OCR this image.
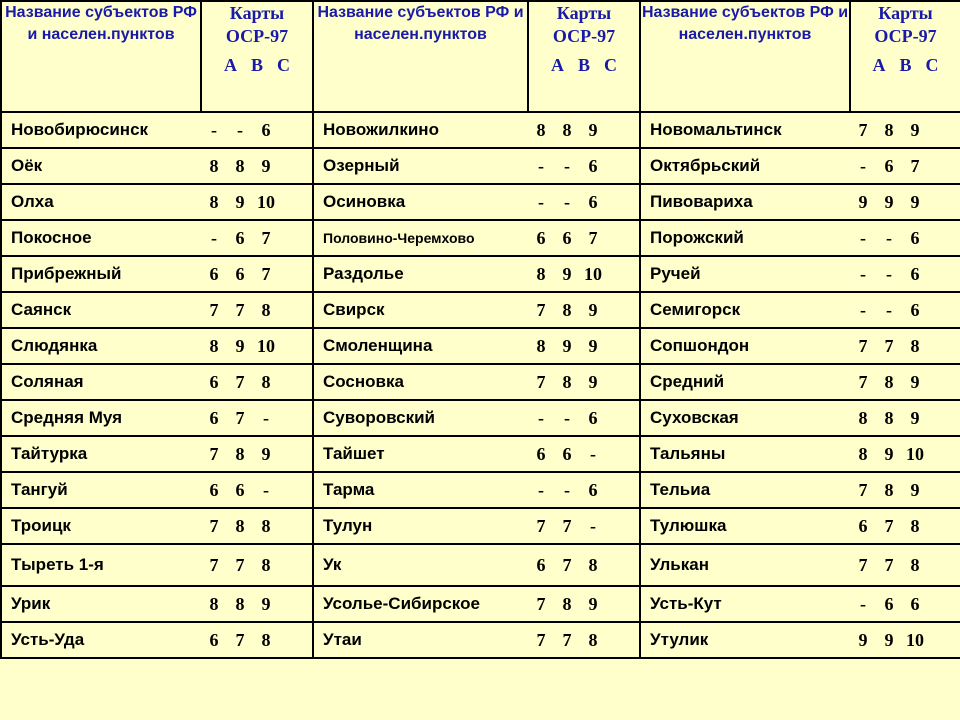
Название субъектов РФ и населен.пунктов	Карты ОСР-97
А В С	Название субъектов РФ и населен.пунктов	Карты ОСР-97
А В С	Название субъектов РФ и населен.пунктов	Карты ОСР-97
А В С

Новобирюсинск	- - 6	Новожилкино	8 8 9	Новомальтинск	7 8 9

Оёк	8 8 9	Озерный	- - 6	Октябрьский	- 6 7

Олха	8 9 10	Осиновка	- - 6	Пивовариха	9 9 9

Покосное	- 6 7	Половино-Черемхово	6 6 7	Порожский	- - 6

Прибрежный	6 6 7	Раздолье	8 9 10	Ручей	- - 6

Саянск	7 7 8	Свирск	7 8 9	Семигорск	- - 6

Слюдянка	8 9 10	Смоленщина	8 9 9	Сопшондон	7 7 8

Соляная	6 7 8	Сосновка	7 8 9	Средний	7 8 9

Средняя Муя	6 7 -	Суворовский	- - 6	Суховская	8 8 9

Тайтурка	7 8 9	Тайшет	6 6 -	Тальяны	8 9 10

Тангуй	6 6 -	Тарма	- - 6	Тельиа	7 8 9

Троицк	7 8 8	Тулун	7 7 -	Тулюшка	6 7 8

Тыреть 1-я	7 7 8	Ук	6 7 8	Улькан	7 7 8

Урик	8 8 9	Усолье-Сибирское	7 8 9	Усть-Кут	- 6 6

Усть-Уда	6 7 8	Утаи	7 7 8	Утулик	9 9 10
